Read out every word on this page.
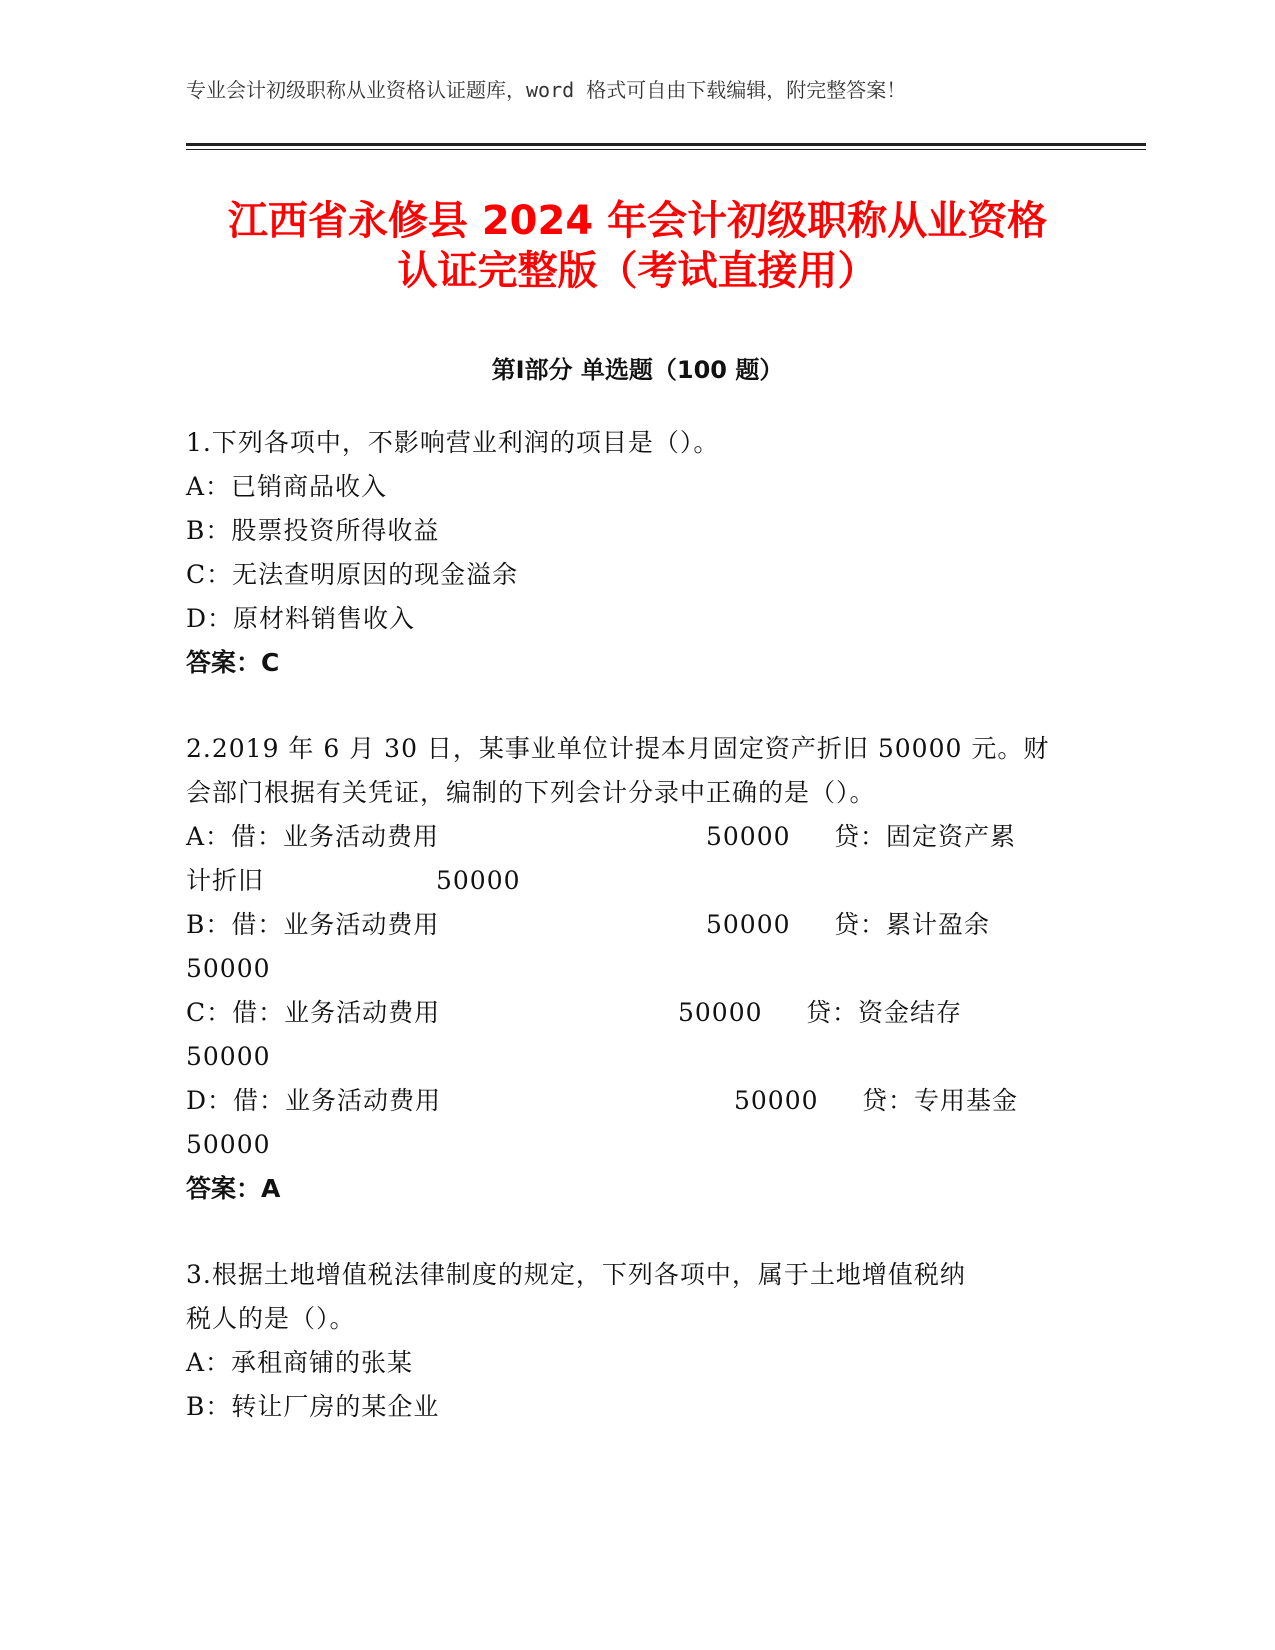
专业会计初级职称从业资格认证题库，word 格式可自由下载编辑，附完整答案！
江西省永修县 2024 年会计初级职称从业资格
认证完整版（考试直接用）
第Ⅰ部分 单选题（100 题）
1.下列各项中，不影响营业利润的项目是（）。
A：已销商品收入
B：股票投资所得收益
C：无法查明原因的现金溢余
D：原材料销售收入
答案：C
2.2019 年 6 月 30 日，某事业单位计提本月固定资产折旧 50000 元。财
会部门根据有关凭证，编制的下列会计分录中正确的是（）。
A：借：业务活动费用	50000 贷：固定资产累
计折旧	50000
B：借：业务活动费用	50000 贷：累计盈余
50000
C：借：业务活动费用	50000 贷：资金结存
50000
D：借：业务活动费用	50000 贷：专用基金
50000
答案：A
3.根据土地增值税法律制度的规定，下列各项中，属于土地增值税纳
税人的是（）。
A：承租商铺的张某
B：转让厂房的某企业
